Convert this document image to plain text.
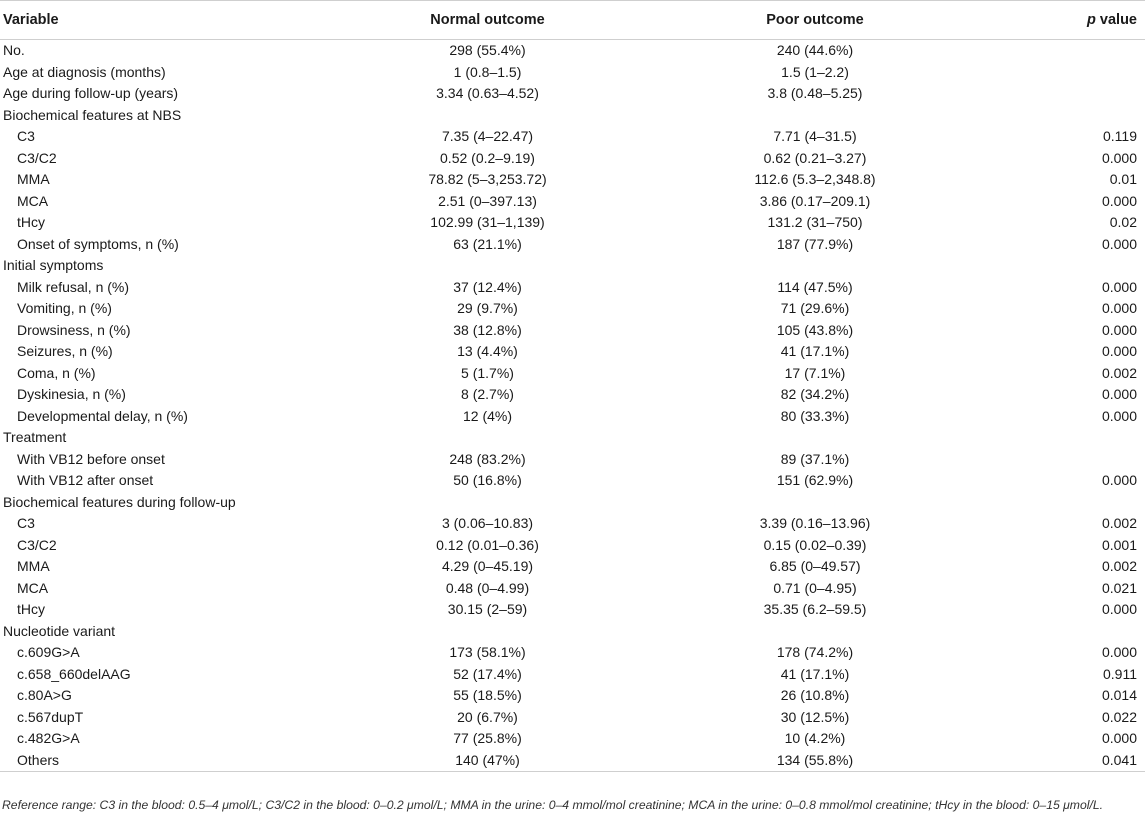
Variable	Normal outcome	Poor outcome	p value
No.	298 (55.4%)	240 (44.6%)	
Age at diagnosis (months)	1 (0.8–1.5)	1.5 (1–2.2)	
Age during follow-up (years)	3.34 (0.63–4.52)	3.8 (0.48–5.25)	
Biochemical features at NBS			
C3	7.35 (4–22.47)	7.71 (4–31.5)	0.119
C3/C2	0.52 (0.2–9.19)	0.62 (0.21–3.27)	0.000
MMA	78.82 (5–3,253.72)	112.6 (5.3–2,348.8)	0.01
MCA	2.51 (0–397.13)	3.86 (0.17–209.1)	0.000
tHcy	102.99 (31–1,139)	131.2 (31–750)	0.02
Onset of symptoms, n (%)	63 (21.1%)	187 (77.9%)	0.000
Initial symptoms			
Milk refusal, n (%)	37 (12.4%)	114 (47.5%)	0.000
Vomiting, n (%)	29 (9.7%)	71 (29.6%)	0.000
Drowsiness, n (%)	38 (12.8%)	105 (43.8%)	0.000
Seizures, n (%)	13 (4.4%)	41 (17.1%)	0.000
Coma, n (%)	5 (1.7%)	17 (7.1%)	0.002
Dyskinesia, n (%)	8 (2.7%)	82 (34.2%)	0.000
Developmental delay, n (%)	12 (4%)	80 (33.3%)	0.000
Treatment			
With VB12 before onset	248 (83.2%)	89 (37.1%)	
With VB12 after onset	50 (16.8%)	151 (62.9%)	0.000
Biochemical features during follow-up			
C3	3 (0.06–10.83)	3.39 (0.16–13.96)	0.002
C3/C2	0.12 (0.01–0.36)	0.15 (0.02–0.39)	0.001
MMA	4.29 (0–45.19)	6.85 (0–49.57)	0.002
MCA	0.48 (0–4.99)	0.71 (0–4.95)	0.021
tHcy	30.15 (2–59)	35.35 (6.2–59.5)	0.000
Nucleotide variant			
c.609G>A	173 (58.1%)	178 (74.2%)	0.000
c.658_660delAAG	52 (17.4%)	41 (17.1%)	0.911
c.80A>G	55 (18.5%)	26 (10.8%)	0.014
c.567dupT	20 (6.7%)	30 (12.5%)	0.022
c.482G>A	77 (25.8%)	10 (4.2%)	0.000
Others	140 (47%)	134 (55.8%)	0.041
Reference range: C3 in the blood: 0.5–4 μmol/L; C3/C2 in the blood: 0–0.2 μmol/L; MMA in the urine: 0–4 mmol/mol creatinine; MCA in the urine: 0–0.8 mmol/mol creatinine; tHcy in the blood: 0–15 μmol/L.
